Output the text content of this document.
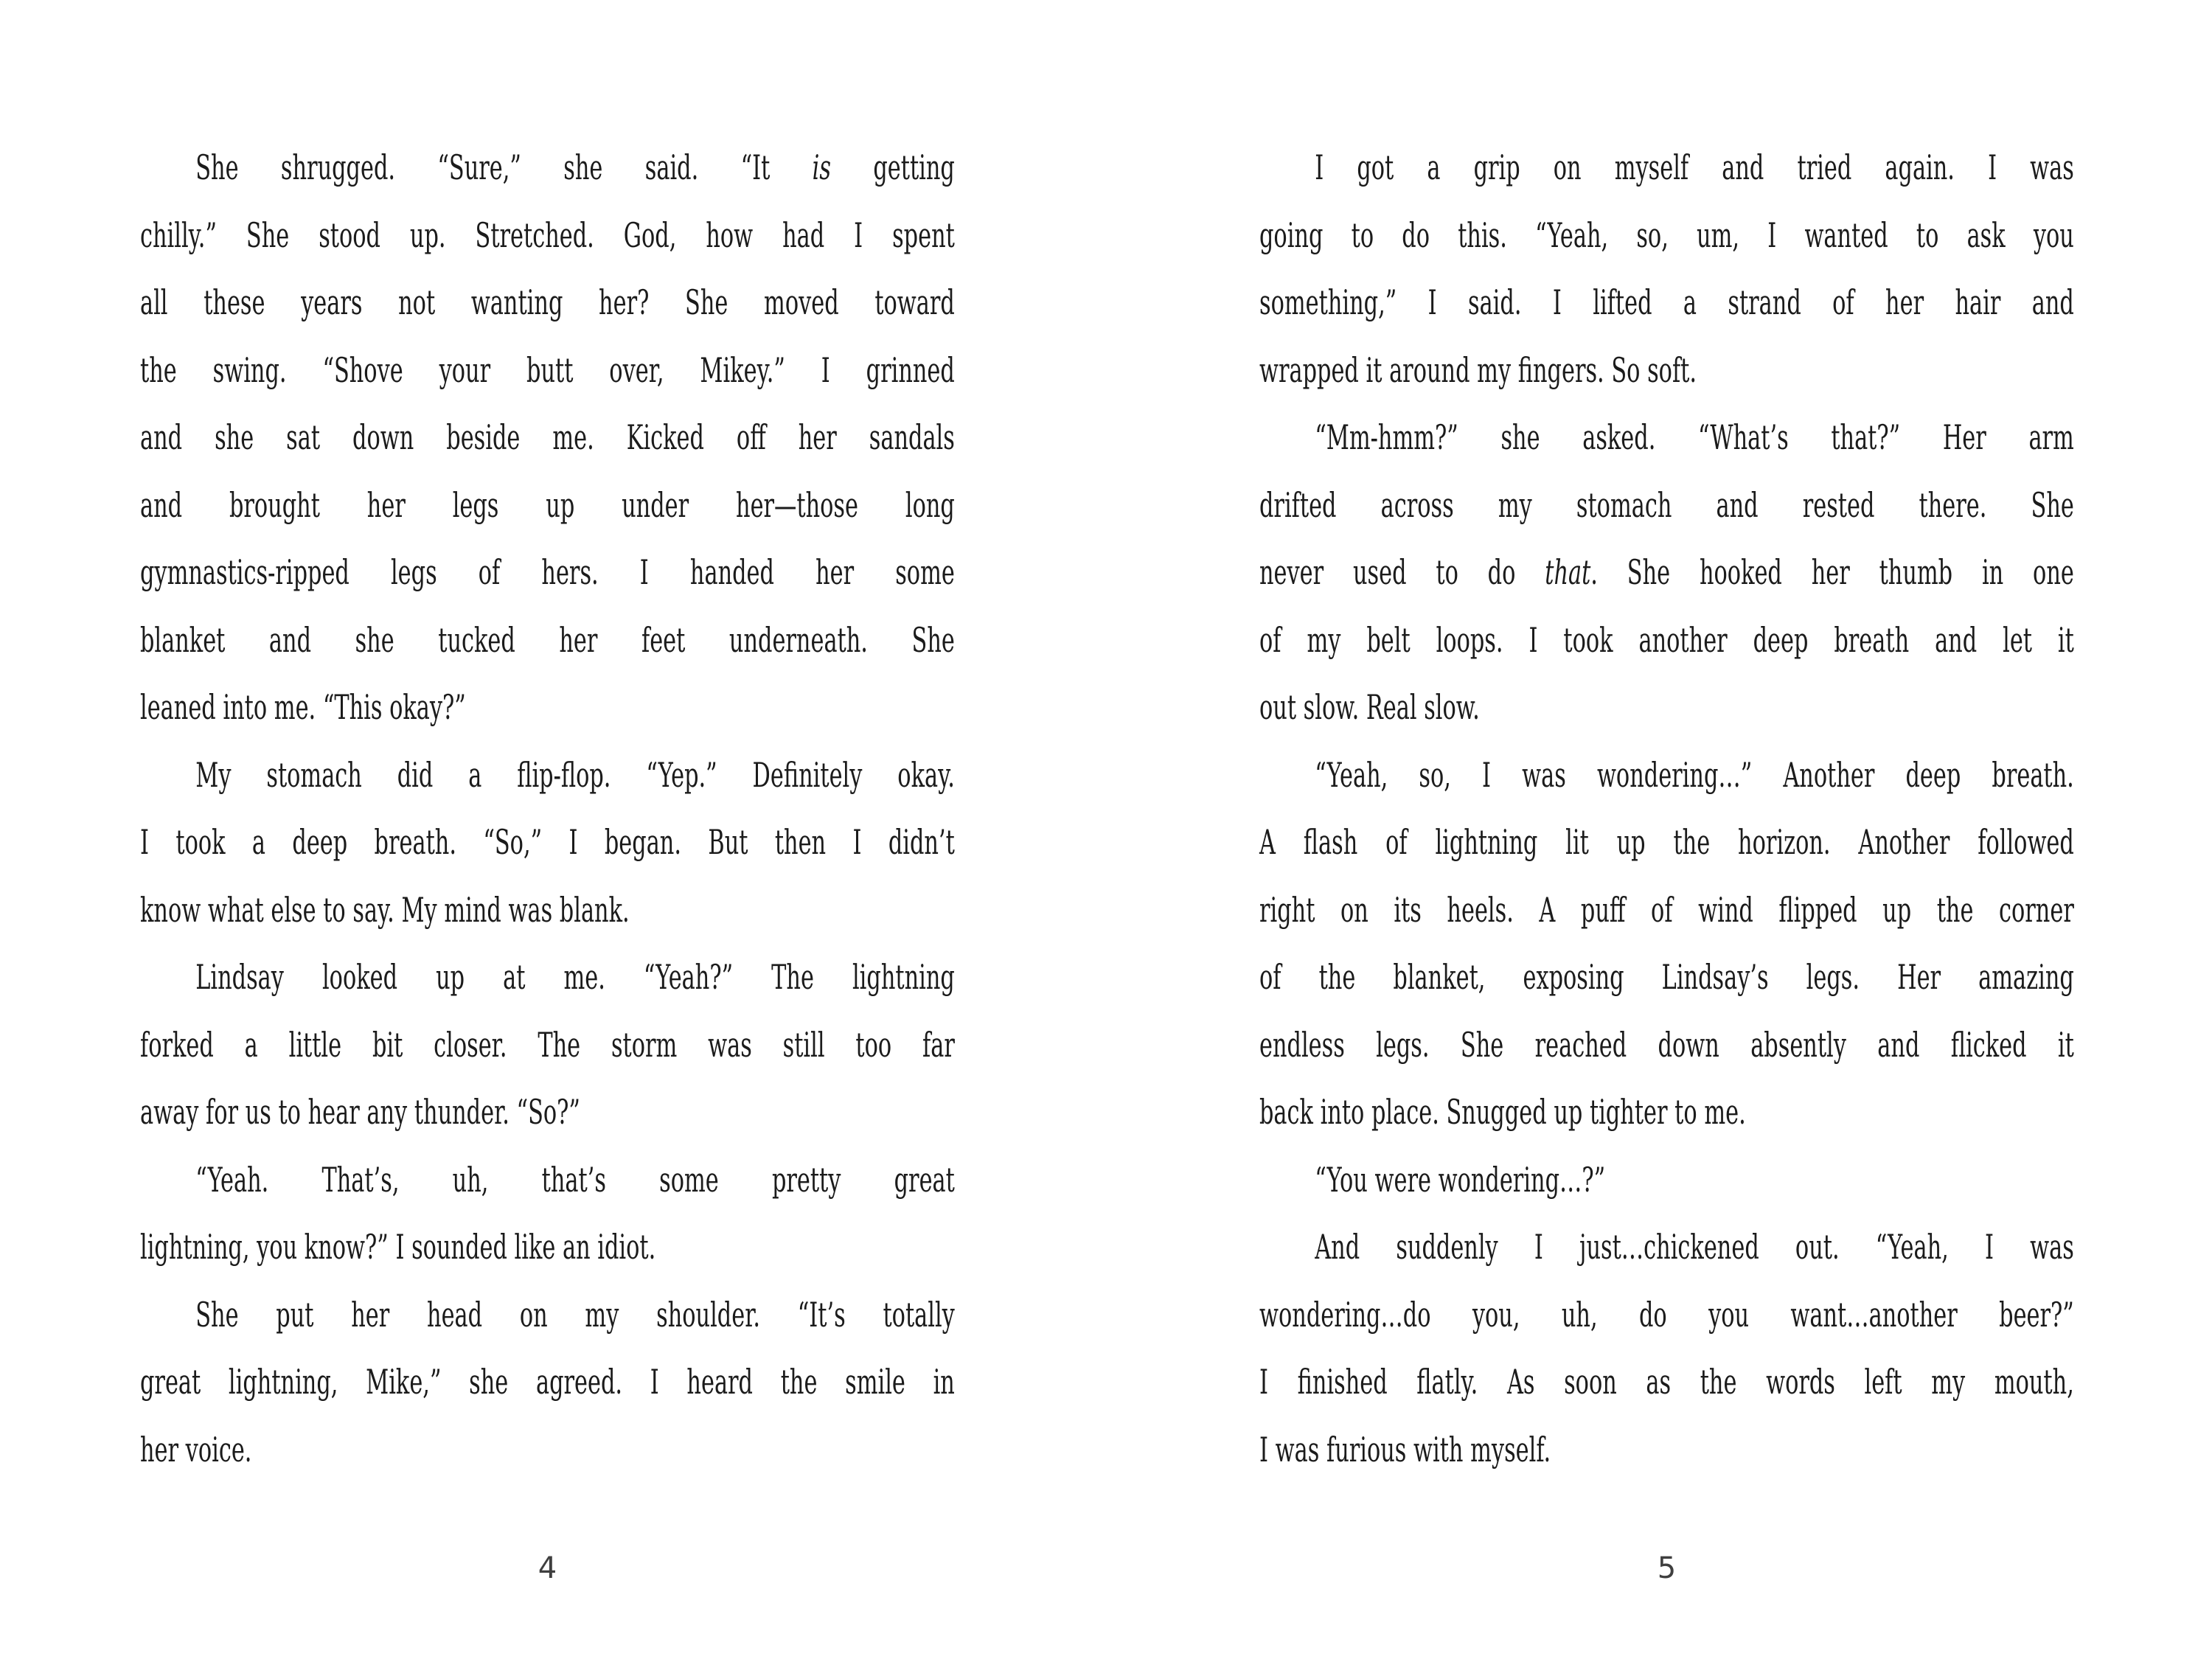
She shrugged. “Sure,” she said. “It is getting
chilly.” She stood up. Stretched. God, how had I spent
all these years not wanting her? She moved toward
the swing. “Shove your butt over, Mikey.” I grinned
and she sat down beside me. Kicked off her sandals
and brought her legs up under her—those long
gymnastics-ripped legs of hers. I handed her some
blanket and she tucked her feet underneath. She
leaned into me. “This okay?”
My stomach did a flip-flop. “Yep.” Definitely okay.
I took a deep breath. “So,” I began. But then I didn’t
know what else to say. My mind was blank.
Lindsay looked up at me. “Yeah?” The lightning
forked a little bit closer. The storm was still too far
away for us to hear any thunder. “So?”
“Yeah. That’s, uh, that’s some pretty great
lightning, you know?” I sounded like an idiot.
She put her head on my shoulder. “It’s totally
great lightning, Mike,” she agreed. I heard the smile in
her voice.
4
I got a grip on myself and tried again. I was
going to do this. “Yeah, so, um, I wanted to ask you
something,” I said. I lifted a strand of her hair and
wrapped it around my fingers. So soft.
“Mm-hmm?” she asked. “What’s that?” Her arm
drifted across my stomach and rested there. She
never used to do that. She hooked her thumb in one
of my belt loops. I took another deep breath and let it
out slow. Real slow.
“Yeah, so, I was wondering…” Another deep breath.
A flash of lightning lit up the horizon. Another followed
right on its heels. A puff of wind flipped up the corner
of the blanket, exposing Lindsay’s legs. Her amazing
endless legs. She reached down absently and flicked it
back into place. Snugged up tighter to me.
“You were wondering…?”
And suddenly I just…chickened out. “Yeah, I was
wondering…do you, uh, do you want…another beer?”
I finished flatly. As soon as the words left my mouth,
I was furious with myself.
5
